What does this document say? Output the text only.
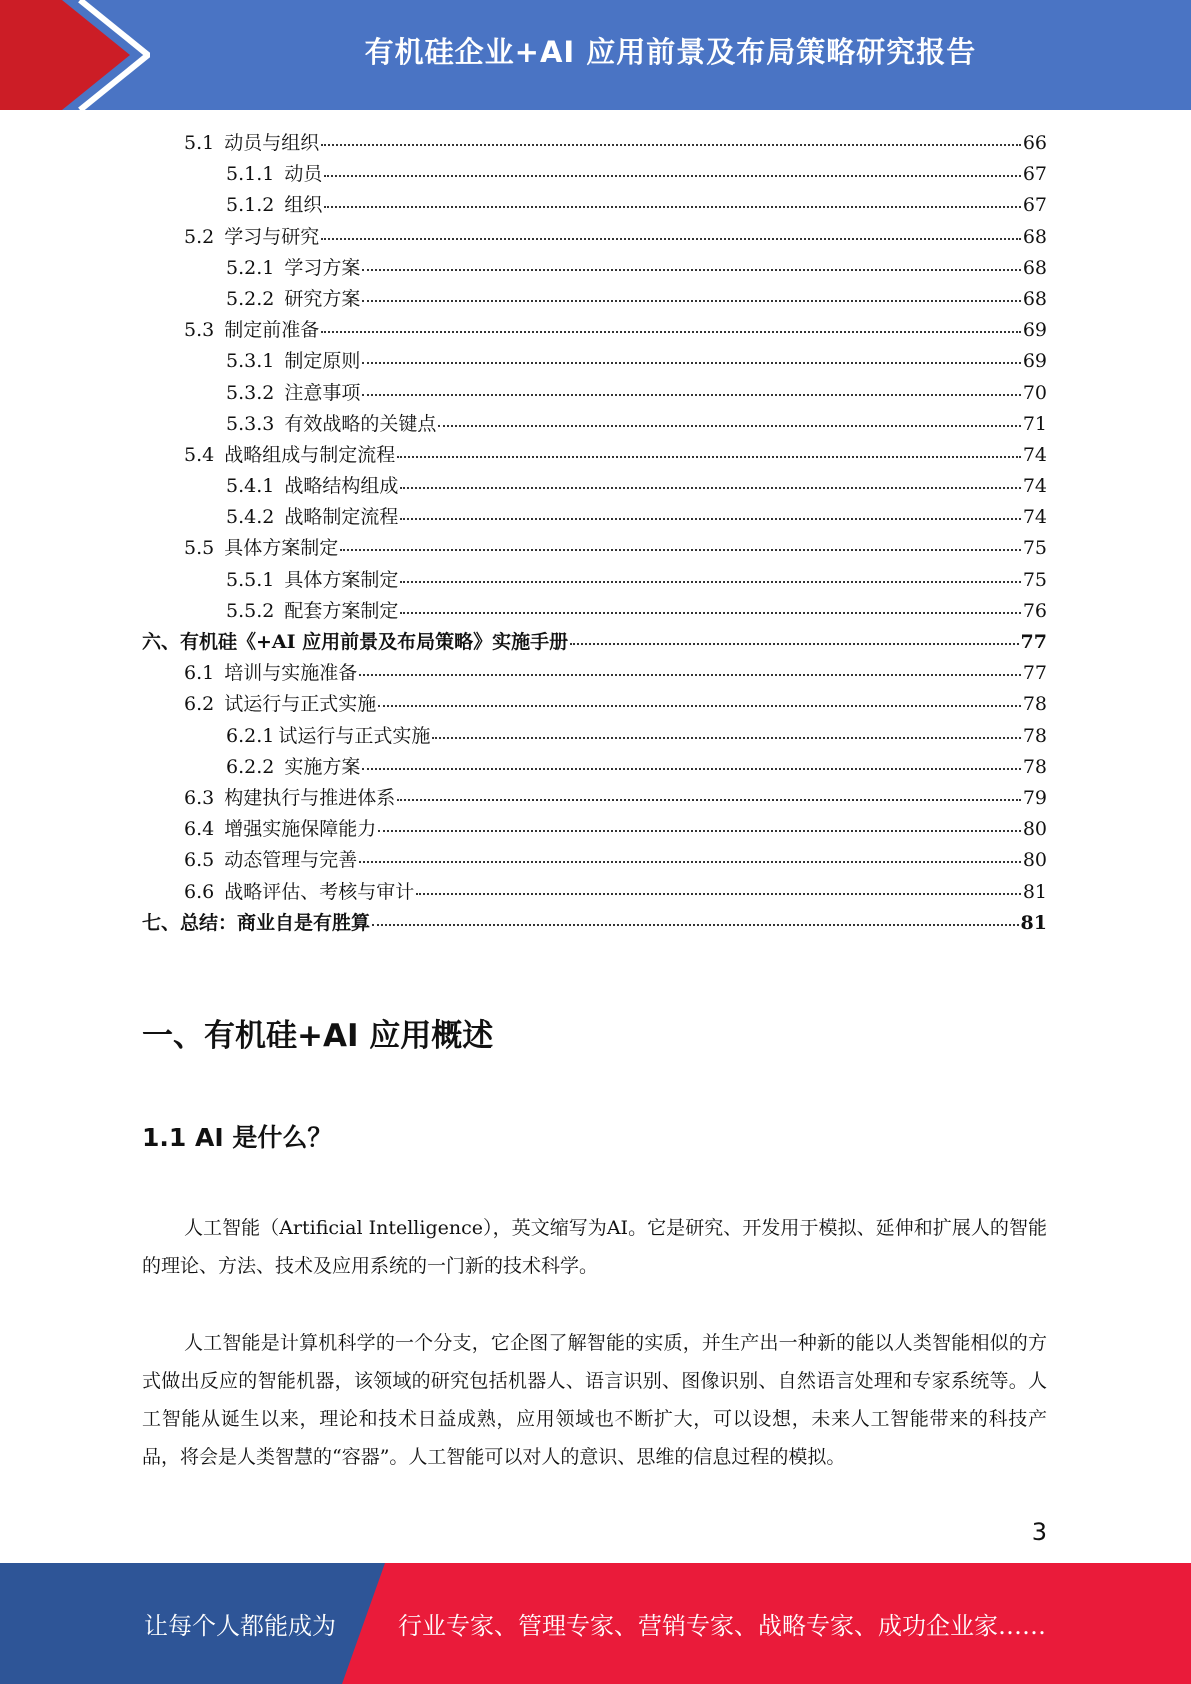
有机硅企业+AI 应用前景及布局策略研究报告
5.1 动员与组织	66
5.1.1 动员	67
5.1.2 组织	67
5.2 学习与研究	68
5.2.1 学习方案	68
5.2.2 研究方案	68
5.3 制定前准备	69
5.3.1 制定原则	69
5.3.2 注意事项	70
5.3.3 有效战略的关键点	71
5.4 战略组成与制定流程	74
5.4.1 战略结构组成	74
5.4.2 战略制定流程	74
5.5 具体方案制定	75
5.5.1 具体方案制定	75
5.5.2 配套方案制定	76
六、有机硅《+AI 应用前景及布局策略》实施手册	77
6.1 培训与实施准备	77
6.2 试运行与正式实施	78
6.2.1 试运行与正式实施	78
6.2.2 实施方案	78
6.3 构建执行与推进体系	79
6.4 增强实施保障能力	80
6.5 动态管理与完善	80
6.6 战略评估、考核与审计	81
七、总结：商业自是有胜算	81
一、有机硅+AI 应用概述
1.1 AI 是什么？

人工智能（Artificial Intelligence），英文缩写为AI。它是研究、开发用于模拟、延伸和扩展人的智能的理论、方法、技术及应用系统的一门新的技术科学。

人工智能是计算机科学的一个分支，它企图了解智能的实质，并生产出一种新的能以人类智能相似的方式做出反应的智能机器，该领域的研究包括机器人、语言识别、图像识别、自然语言处理和专家系统等。人工智能从诞生以来，理论和技术日益成熟，应用领域也不断扩大，可以设想，未来人工智能带来的科技产品，将会是人类智慧的“容器”。人工智能可以对人的意识、思维的信息过程的模拟。

3
让每个人都能成为	行业专家、管理专家、营销专家、战略专家、成功企业家……
